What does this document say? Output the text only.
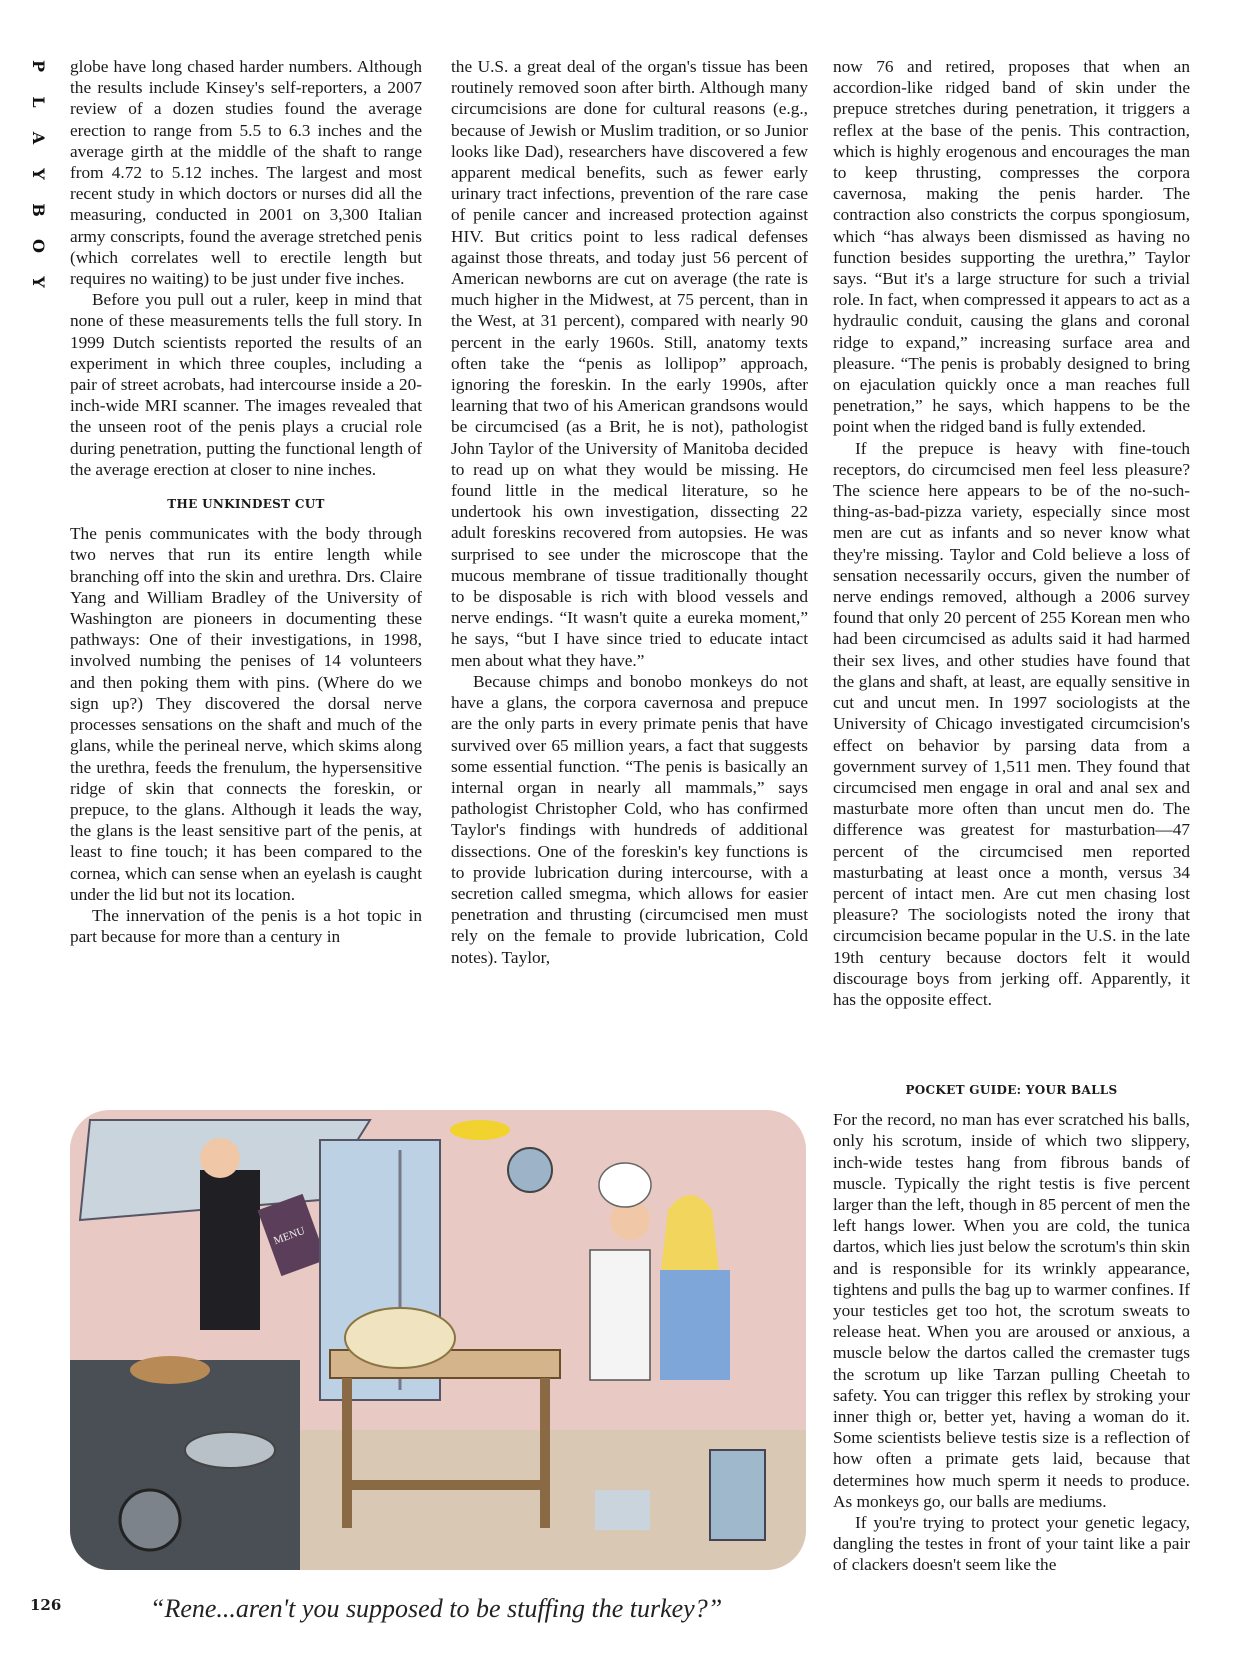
P
L
A
Y
B
O
Y

globe have long chased harder numbers. Although the results include Kinsey's self-reporters, a 2007 review of a dozen studies found the average erection to range from 5.5 to 6.3 inches and the average girth at the middle of the shaft to range from 4.72 to 5.12 inches. The largest and most recent study in which doctors or nurses did all the measuring, conducted in 2001 on 3,300 Italian army conscripts, found the average stretched penis (which correlates well to erectile length but requires no waiting) to be just under five inches.

Before you pull out a ruler, keep in mind that none of these measurements tells the full story. In 1999 Dutch scientists reported the results of an experiment in which three couples, including a pair of street acrobats, had intercourse inside a 20-inch-wide MRI scanner. The images revealed that the unseen root of the penis plays a crucial role during penetration, putting the functional length of the average erection at closer to nine inches.

THE UNKINDEST CUT

The penis communicates with the body through two nerves that run its entire length while branching off into the skin and urethra. Drs. Claire Yang and William Bradley of the University of Washington are pioneers in documenting these pathways: One of their investigations, in 1998, involved numbing the penises of 14 volunteers and then poking them with pins. (Where do we sign up?) They discovered the dorsal nerve processes sensations on the shaft and much of the glans, while the perineal nerve, which skims along the urethra, feeds the frenulum, the hypersensitive ridge of skin that connects the foreskin, or prepuce, to the glans. Although it leads the way, the glans is the least sensitive part of the penis, at least to fine touch; it has been compared to the cornea, which can sense when an eyelash is caught under the lid but not its location.

The innervation of the penis is a hot topic in part because for more than a century in

the U.S. a great deal of the organ's tissue has been routinely removed soon after birth. Although many circumcisions are done for cultural reasons (e.g., because of Jewish or Muslim tradition, or so Junior looks like Dad), researchers have discovered a few apparent medical benefits, such as fewer early urinary tract infections, prevention of the rare case of penile cancer and increased protection against HIV. But critics point to less radical defenses against those threats, and today just 56 percent of American newborns are cut on average (the rate is much higher in the Midwest, at 75 percent, than in the West, at 31 percent), compared with nearly 90 percent in the early 1960s. Still, anatomy texts often take the “penis as lollipop” approach, ignoring the foreskin. In the early 1990s, after learning that two of his American grandsons would be circumcised (as a Brit, he is not), pathologist John Taylor of the University of Manitoba decided to read up on what they would be missing. He found little in the medical literature, so he undertook his own investigation, dissecting 22 adult foreskins recovered from autopsies. He was surprised to see under the microscope that the mucous membrane of tissue traditionally thought to be disposable is rich with blood vessels and nerve endings. “It wasn't quite a eureka moment,” he says, “but I have since tried to educate intact men about what they have.”

Because chimps and bonobo monkeys do not have a glans, the corpora cavernosa and prepuce are the only parts in every primate penis that have survived over 65 million years, a fact that suggests some essential function. “The penis is basically an internal organ in nearly all mammals,” says pathologist Christopher Cold, who has confirmed Taylor's findings with hundreds of additional dissections. One of the foreskin's key functions is to provide lubrication during intercourse, with a secretion called smegma, which allows for easier penetration and thrusting (circumcised men must rely on the female to provide lubrication, Cold notes). Taylor,

now 76 and retired, proposes that when an accordion-like ridged band of skin under the prepuce stretches during penetration, it triggers a reflex at the base of the penis. This contraction, which is highly erogenous and encourages the man to keep thrusting, compresses the corpora cavernosa, making the penis harder. The contraction also constricts the corpus spongiosum, which “has always been dismissed as having no function besides supporting the urethra,” Taylor says. “But it's a large structure for such a trivial role. In fact, when compressed it appears to act as a hydraulic conduit, causing the glans and coronal ridge to expand,” increasing surface area and pleasure. “The penis is probably designed to bring on ejaculation quickly once a man reaches full penetration,” he says, which happens to be the point when the ridged band is fully extended.

If the prepuce is heavy with fine-touch receptors, do circumcised men feel less pleasure? The science here appears to be of the no-such-thing-as-bad-pizza variety, especially since most men are cut as infants and so never know what they're missing. Taylor and Cold believe a loss of sensation necessarily occurs, given the number of nerve endings removed, although a 2006 survey found that only 20 percent of 255 Korean men who had been circumcised as adults said it had harmed their sex lives, and other studies have found that the glans and shaft, at least, are equally sensitive in cut and uncut men. In 1997 sociologists at the University of Chicago investigated circumcision's effect on behavior by parsing data from a government survey of 1,511 men. They found that circumcised men engage in oral and anal sex and masturbate more often than uncut men do. The difference was greatest for masturbation—47 percent of the circumcised men reported masturbating at least once a month, versus 34 percent of intact men. Are cut men chasing lost pleasure? The sociologists noted the irony that circumcision became popular in the U.S. in the late 19th century because doctors felt it would discourage boys from jerking off. Apparently, it has the opposite effect.

POCKET GUIDE: YOUR BALLS

For the record, no man has ever scratched his balls, only his scrotum, inside of which two slippery, inch-wide testes hang from fibrous bands of muscle. Typically the right testis is five percent larger than the left, though in 85 percent of men the left hangs lower. When you are cold, the tunica dartos, which lies just below the scrotum's thin skin and is responsible for its wrinkly appearance, tightens and pulls the bag up to warmer confines. If your testicles get too hot, the scrotum sweats to release heat. When you are aroused or anxious, a muscle below the dartos called the cremaster tugs the scrotum up like Tarzan pulling Cheetah to safety. You can trigger this reflex by stroking your inner thigh or, better yet, having a woman do it. Some scientists believe testis size is a reflection of how often a primate gets laid, because that determines how much sperm it needs to produce. As monkeys go, our balls are mediums.

If you're trying to protect your genetic legacy, dangling the testes in front of your taint like a pair of clackers doesn't seem like the

MENU
126	“Rene...aren't you supposed to be stuffing the turkey?”
